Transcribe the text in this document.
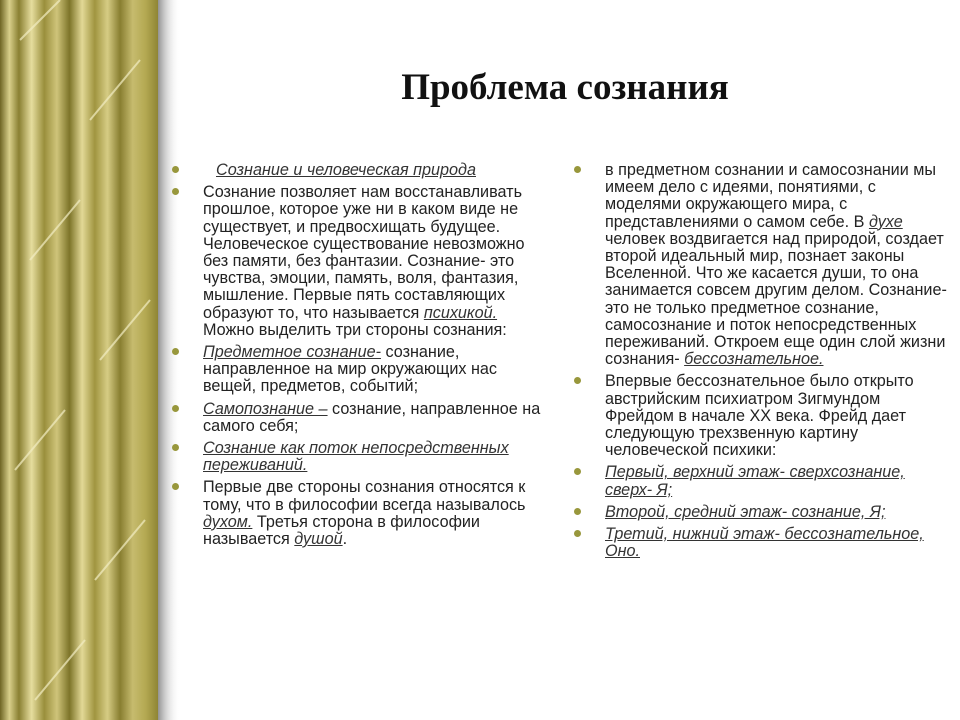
Проблема сознания
Сознание и человеческая природа
Сознание позволяет нам восстанавливать прошлое, которое уже ни в каком виде не существует, и предвосхищать будущее. Человеческое существование невозможно без памяти, без фантазии. Сознание- это чувства, эмоции, память, воля, фантазия, мышление. Первые пять составляющих образуют то, что называется психикой. Можно выделить три стороны сознания:
Предметное сознание- сознание, направленное на мир окружающих нас вещей, предметов, событий;
Самопознание – сознание, направленное на самого себя;
Сознание как поток непосредственных переживаний.
Первые две стороны сознания относятся к тому, что в философии всегда называлось духом. Третья сторона в философии называется душой.
в предметном сознании и самосознании мы имеем дело с идеями, понятиями, с моделями окружающего мира, с представлениями о самом себе. В духе человек воздвигается над природой, создает второй идеальный мир, познает законы Вселенной. Что же касается души, то она занимается совсем другим делом. Сознание- это не только предметное сознание, самосознание и поток непосредственных переживаний. Откроем еще один слой жизни сознания- бессознательное.
Впервые бессознательное было открыто австрийским психиатром Зигмундом Фрейдом в начале XX века. Фрейд дает следующую трехзвенную картину человеческой психики:
Первый, верхний этаж- сверхсознание, сверх- Я;
Второй, средний этаж- сознание, Я;
Третий, нижний этаж- бессознательное, Оно.
